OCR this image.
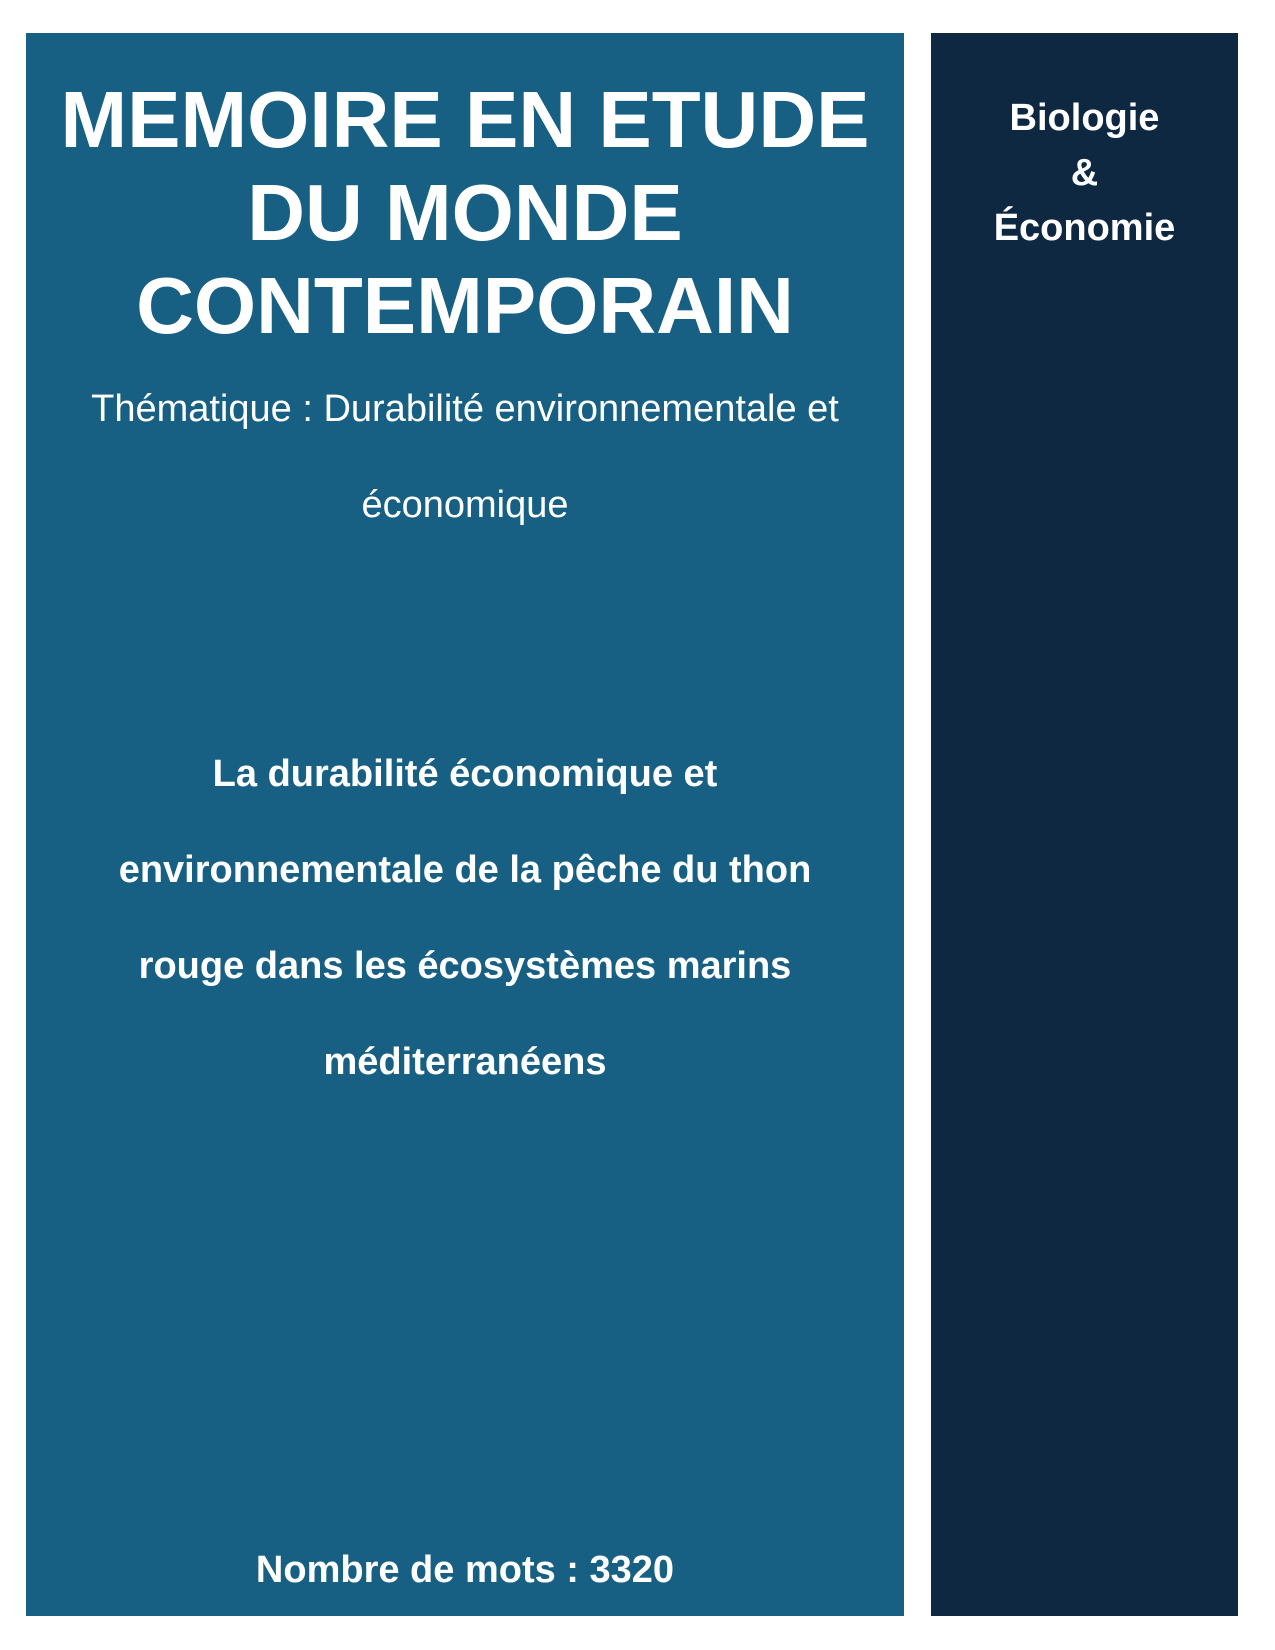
MEMOIRE EN ETUDE
DU MONDE
CONTEMPORAIN
Thématique : Durabilité environnementale et
économique
La durabilité économique et
environnementale de la pêche du thon
rouge dans les écosystèmes marins
méditerranéens
Nombre de mots : 3320
Biologie
&
Économie
